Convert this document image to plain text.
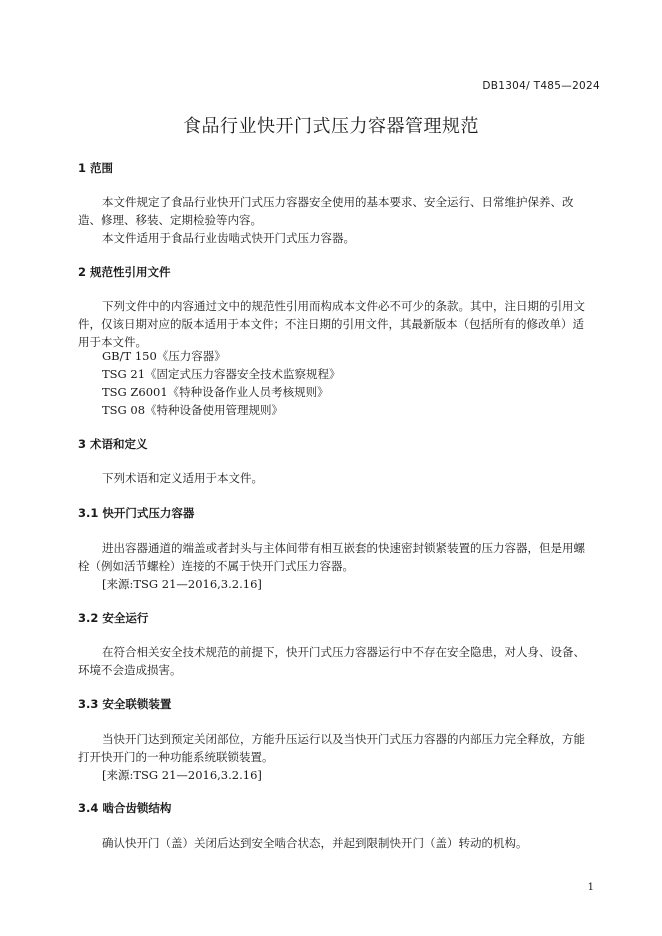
DB1304/ T485—2024
食品行业快开门式压力容器管理规范
1 范围
本文件规定了食品行业快开门式压力容器安全使用的基本要求、安全运行、日常维护保养、改造、修理、移装、定期检验等内容。
本文件适用于食品行业齿啮式快开门式压力容器。
2 规范性引用文件
下列文件中的内容通过文中的规范性引用而构成本文件必不可少的条款。其中，注日期的引用文件，仅该日期对应的版本适用于本文件；不注日期的引用文件，其最新版本（包括所有的修改单）适用于本文件。
GB/T 150《压力容器》
TSG 21《固定式压力容器安全技术监察规程》
TSG Z6001《特种设备作业人员考核规则》
TSG 08《特种设备使用管理规则》
3 术语和定义
下列术语和定义适用于本文件。
3.1 快开门式压力容器
进出容器通道的端盖或者封头与主体间带有相互嵌套的快速密封锁紧装置的压力容器，但是用螺栓（例如活节螺栓）连接的不属于快开门式压力容器。
[来源:TSG 21—2016,3.2.16]
3.2 安全运行
在符合相关安全技术规范的前提下，快开门式压力容器运行中不存在安全隐患，对人身、设备、环境不会造成损害。
3.3 安全联锁装置
当快开门达到预定关闭部位，方能升压运行以及当快开门式压力容器的内部压力完全释放，方能打开快开门的一种功能系统联锁装置。
[来源:TSG 21—2016,3.2.16]
3.4 啮合齿锁结构
确认快开门（盖）关闭后达到安全啮合状态，并起到限制快开门（盖）转动的机构。
1
